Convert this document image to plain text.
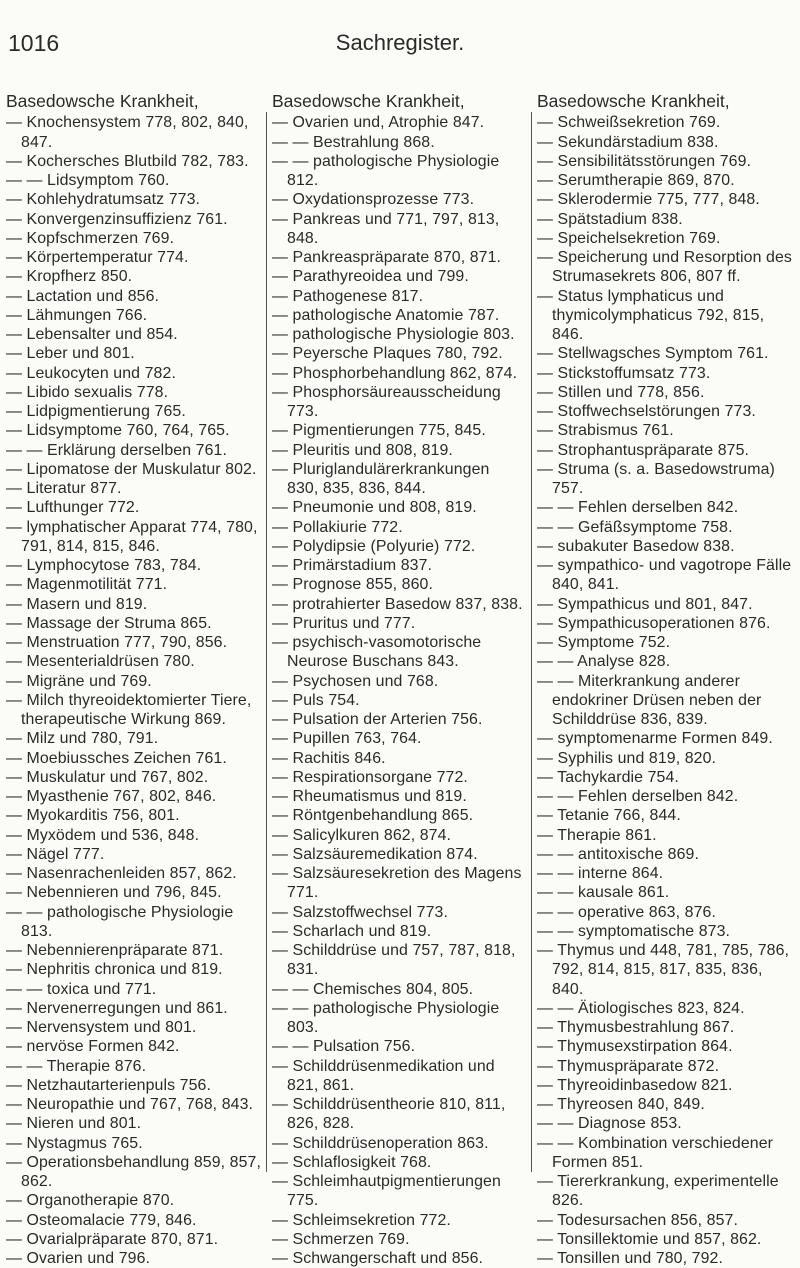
1016	Sachregister.
Basedowsche Krankheit,
— Knochensystem 778, 802, 840, 847.
— Kochersches Blutbild 782, 783.
— — Lidsymptom 760.
— Kohlehydratumsatz 773.
— Konvergenzinsuffizienz 761.
— Kopfschmerzen 769.
— Körpertemperatur 774.
— Kropfherz 850.
— Lactation und 856.
— Lähmungen 766.
— Lebensalter und 854.
— Leber und 801.
— Leukocyten und 782.
— Libido sexualis 778.
— Lidpigmentierung 765.
— Lidsymptome 760, 764, 765.
— — Erklärung derselben 761.
— Lipomatose der Muskulatur 802.
— Literatur 877.
— Lufthunger 772.
— lymphatischer Apparat 774, 780, 791, 814, 815, 846.
— Lymphocytose 783, 784.
— Magenmotilität 771.
— Masern und 819.
— Massage der Struma 865.
— Menstruation 777, 790, 856.
— Mesenterialdrüsen 780.
— Migräne und 769.
— Milch thyreoidektomierter Tiere, therapeutische Wirkung 869.
— Milz und 780, 791.
— Moebiussches Zeichen 761.
— Muskulatur und 767, 802.
— Myasthenie 767, 802, 846.
— Myokarditis 756, 801.
— Myxödem und 536, 848.
— Nägel 777.
— Nasenrachenleiden 857, 862.
— Nebennieren und 796, 845.
— — pathologische Physiologie 813.
— Nebennierenpräparate 871.
— Nephritis chronica und 819.
— — toxica und 771.
— Nervenerregungen und 861.
— Nervensystem und 801.
— nervöse Formen 842.
— — Therapie 876.
— Netzhautarterienpuls 756.
— Neuropathie und 767, 768, 843.
— Nieren und 801.
— Nystagmus 765.
— Operationsbehandlung 859, 857, 862.
— Organotherapie 870.
— Osteomalacie 779, 846.
— Ovarialpräparate 870, 871.
— Ovarien und 796.
Basedowsche Krankheit,
— Ovarien und, Atrophie 847.
— — Bestrahlung 868.
— — pathologische Physiologie 812.
— Oxydationsprozesse 773.
— Pankreas und 771, 797, 813, 848.
— Pankreaspräparate 870, 871.
— Parathyreoidea und 799.
— Pathogenese 817.
— pathologische Anatomie 787.
— pathologische Physiologie 803.
— Peyersche Plaques 780, 792.
— Phosphorbehandlung 862, 874.
— Phosphorsäureausscheidung 773.
— Pigmentierungen 775, 845.
— Pleuritis und 808, 819.
— Pluriglandulärerkrankungen 830, 835, 836, 844.
— Pneumonie und 808, 819.
— Pollakiurie 772.
— Polydipsie (Polyurie) 772.
— Primärstadium 837.
— Prognose 855, 860.
— protrahierter Basedow 837, 838.
— Pruritus und 777.
— psychisch-vasomotorische Neurose Buschans 843.
— Psychosen und 768.
— Puls 754.
— Pulsation der Arterien 756.
— Pupillen 763, 764.
— Rachitis 846.
— Respirationsorgane 772.
— Rheumatismus und 819.
— Röntgenbehandlung 865.
— Salicylkuren 862, 874.
— Salzsäuremedikation 874.
— Salzsäuresekretion des Magens 771.
— Salzstoffwechsel 773.
— Scharlach und 819.
— Schilddrüse und 757, 787, 818, 831.
— — Chemisches 804, 805.
— — pathologische Physiologie 803.
— — Pulsation 756.
— Schilddrüsenmedikation und 821, 861.
— Schilddrüsentheorie 810, 811, 826, 828.
— Schilddrüsenoperation 863.
— Schlaflosigkeit 768.
— Schleimhautpigmentierungen 775.
— Schleimsekretion 772.
— Schmerzen 769.
— Schwangerschaft und 856.
Basedowsche Krankheit,
— Schweißsekretion 769.
— Sekundärstadium 838.
— Sensibilitätsstörungen 769.
— Serumtherapie 869, 870.
— Sklerodermie 775, 777, 848.
— Spätstadium 838.
— Speichelsekretion 769.
— Speicherung und Resorption des Strumasekrets 806, 807 ff.
— Status lymphaticus und thymicolymphaticus 792, 815, 846.
— Stellwagsches Symptom 761.
— Stickstoffumsatz 773.
— Stillen und 778, 856.
— Stoffwechselstörungen 773.
— Strabismus 761.
— Strophantuspräparate 875.
— Struma (s. a. Basedowstruma) 757.
— — Fehlen derselben 842.
— — Gefäßsymptome 758.
— subakuter Basedow 838.
— sympathico- und vagotrope Fälle 840, 841.
— Sympathicus und 801, 847.
— Sympathicusoperationen 876.
— Symptome 752.
— — Analyse 828.
— — Miterkrankung anderer endokriner Drüsen neben der Schilddrüse 836, 839.
— symptomenarme Formen 849.
— Syphilis und 819, 820.
— Tachykardie 754.
— — Fehlen derselben 842.
— Tetanie 766, 844.
— Therapie 861.
— — antitoxische 869.
— — interne 864.
— — kausale 861.
— — operative 863, 876.
— — symptomatische 873.
— Thymus und 448, 781, 785, 786, 792, 814, 815, 817, 835, 836, 840.
— — Ätiologisches 823, 824.
— Thymusbestrahlung 867.
— Thymusexstirpation 864.
— Thymuspräparate 872.
— Thyreoidinbasedow 821.
— Thyreosen 840, 849.
— — Diagnose 853.
— — Kombination verschiedener Formen 851.
— Tiererkrankung, experimentelle 826.
— Todesursachen 856, 857.
— Tonsillektomie und 857, 862.
— Tonsillen und 780, 792.
